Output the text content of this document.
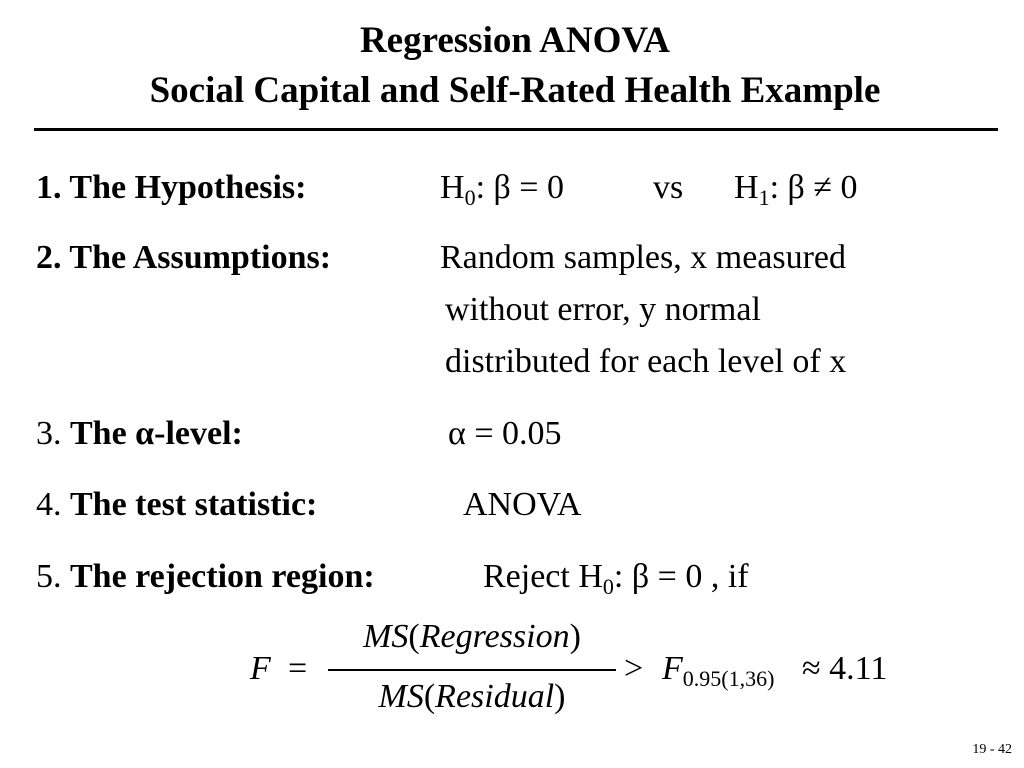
Regression ANOVA
Social Capital and Self-Rated Health Example
1. The Hypothesis:	$H_0$: β = 0	vs $H_1$: β ≠ 0
2. The Assumptions:	Random samples, x measured
without error, y normal
distributed for each level of x
3. The α-level:	α = 0.05
4. The test statistic:	ANOVA
5. The rejection region:	Reject $H_0$: β = 0 , if
F =
MS(Regression)
MS(Residual)
> $F_{0.95(1,36)} \approx 4.11$
19 - 42
